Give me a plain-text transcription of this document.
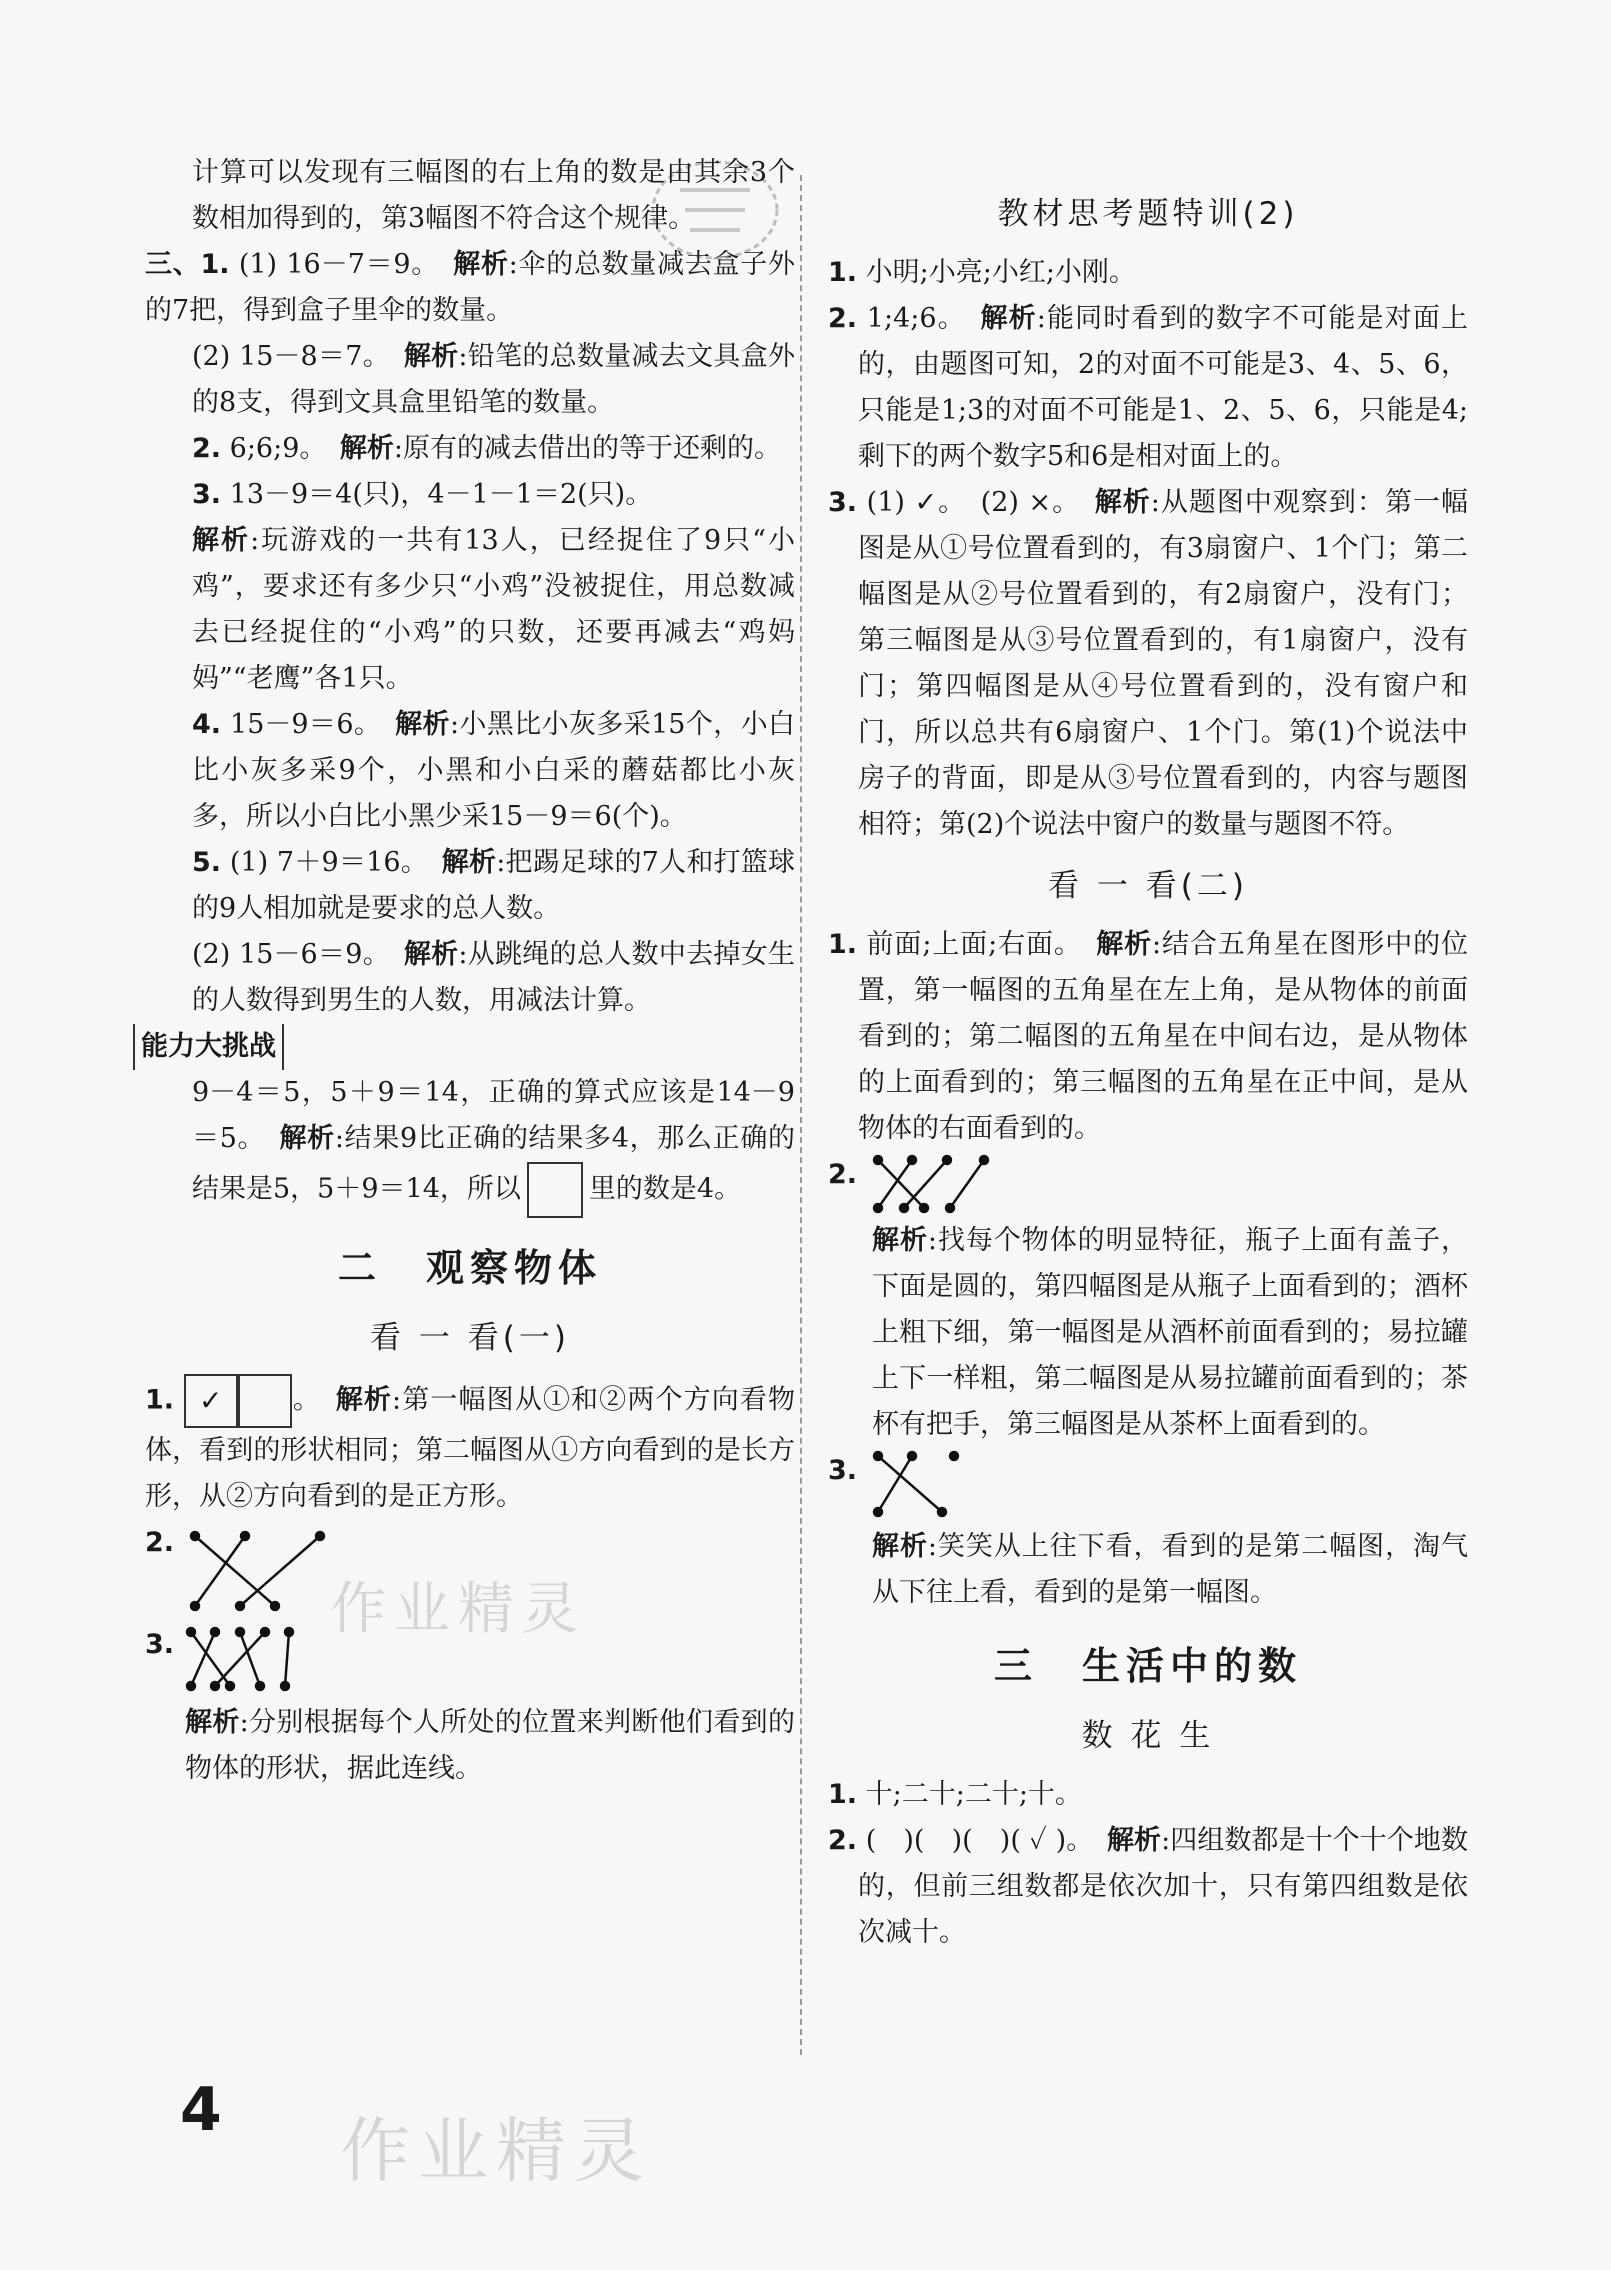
计算可以发现有三幅图的右上角的数是由其余3个数相加得到的，第3幅图不符合这个规律。

三、1. (1) 16－7＝9。　 解析:伞的总数量减去盒子外的7把，得到盒子里伞的数量。

(2) 15－8＝7。　 解析:铅笔的总数量减去文具盒外的8支，得到文具盒里铅笔的数量。

2. 6;6;9。　 解析:原有的减去借出的等于还剩的。

3. 13－9＝4(只)，4－1－1＝2(只)。

解析:玩游戏的一共有13人，已经捉住了9只“小鸡”，要求还有多少只“小鸡”没被捉住，用总数减去已经捉住的“小鸡”的只数，还要再减去“鸡妈妈”“老鹰”各1只。

4. 15－9＝6。　 解析:小黑比小灰多采15个，小白比小灰多采9个，小黑和小白采的蘑菇都比小灰多，所以小白比小黑少采15－9＝6(个)。

5. (1) 7＋9＝16。　 解析:把踢足球的7人和打篮球的9人相加就是要求的总人数。

(2) 15－6＝9。　 解析:从跳绳的总人数中去掉女生的人数得到男生的人数，用减法计算。

能力大挑战

9－4＝5，5＋9＝14，正确的算式应该是14－9＝5。　 解析:结果9比正确的结果多4，那么正确的结果是5，5＋9＝14，所以	里的数是4。

二　观察物体
看 一 看(一)

1. ✓	。　 解析:第一幅图从①和②两个方向看物体，看到的形状相同；第二幅图从①方向看到的是长方形，从②方向看到的是正方形。

2.

3.

解析:分别根据每个人所处的位置来判断他们看到的物体的形状，据此连线。

教材思考题特训(2)

1. 小明;小亮;小红;小刚。

2. 1;4;6。　 解析:能同时看到的数字不可能是对面上的，由题图可知，2的对面不可能是3、4、5、6，只能是1;3的对面不可能是1、2、5、6，只能是4;剩下的两个数字5和6是相对面上的。

3. (1) ✓。　(2) ×。　 解析:从题图中观察到：第一幅图是从①号位置看到的，有3扇窗户、1个门；第二幅图是从②号位置看到的，有2扇窗户，没有门；第三幅图是从③号位置看到的，有1扇窗户，没有门；第四幅图是从④号位置看到的，没有窗户和门，所以总共有6扇窗户、1个门。第(1)个说法中房子的背面，即是从③号位置看到的，内容与题图相符；第(2)个说法中窗户的数量与题图不符。

看 一 看(二)

1. 前面;上面;右面。　 解析:结合五角星在图形中的位置，第一幅图的五角星在左上角，是从物体的前面看到的；第二幅图的五角星在中间右边，是从物体的上面看到的；第三幅图的五角星在正中间，是从物体的右面看到的。

2.

解析:找每个物体的明显特征，瓶子上面有盖子，下面是圆的，第四幅图是从瓶子上面看到的；酒杯上粗下细，第一幅图是从酒杯前面看到的；易拉罐上下一样粗，第二幅图是从易拉罐前面看到的；茶杯有把手，第三幅图是从茶杯上面看到的。

3.

解析:笑笑从上往下看，看到的是第二幅图，淘气从下往上看，看到的是第一幅图。

三　生活中的数
数 花 生

1. 十;二十;二十;十。

2. (　)(　)(　)( ✓ )。　 解析:四组数都是十个十个地数的，但前三组数都是依次加十，只有第四组数是依次减十。

4 作业精灵
作业精灵
